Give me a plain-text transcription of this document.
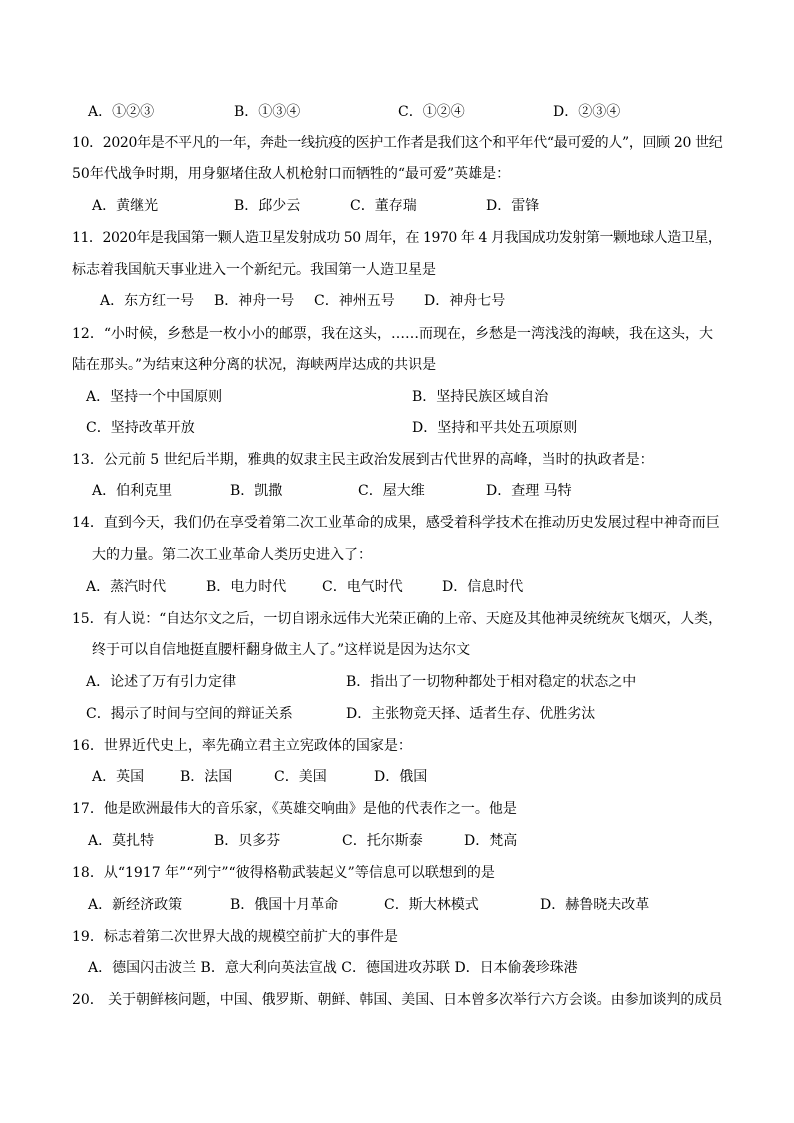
A．①②③	B．①③④	C．①②④	D．②③④
10．2020年是不平凡的一年，奔赴一线抗疫的医护工作者是我们这个和平年代“最可爱的人”，回顾 20 世纪
50年代战争时期，用身躯堵住敌人机枪射口而牺牲的“最可爱”英雄是：
A．黄继光	B．邱少云	C．董存瑞	D．雷锋
11．2020年是我国第一颗人造卫星发射成功 50 周年，在 1970 年 4 月我国成功发射第一颗地球人造卫星，
标志着我国航天事业进入一个新纪元。我国第一人造卫星是
A．东方红一号 B．神舟一号 C．神州五号 D．神舟七号
12．“小时候，乡愁是一枚小小的邮票，我在这头，……而现在，乡愁是一湾浅浅的海峡，我在这头，大
陆在那头。”为结束这种分离的状况，海峡两岸达成的共识是
A．坚持一个中国原则	B．坚持民族区域自治
C．坚持改革开放	D．坚持和平共处五项原则
13．公元前 5 世纪后半期，雅典的奴隶主民主政治发展到古代世界的高峰，当时的执政者是：
A．伯利克里	B．凯撒	C．屋大维	D．查理 马特
14．直到今天，我们仍在享受着第二次工业革命的成果，感受着科学技术在推动历史发展过程中神奇而巨
大的力量。第二次工业革命人类历史进入了：
A．蒸汽时代	B．电力时代	C．电气时代	D．信息时代
15．有人说：“自达尔文之后，一切自诩永远伟大光荣正确的上帝、天庭及其他神灵统统灰飞烟灭，人类，
终于可以自信地挺直腰杆翻身做主人了。”这样说是因为达尔文
A．论述了万有引力定律	B．指出了一切物种都处于相对稳定的状态之中
C．揭示了时间与空间的辩证关系	D．主张物竞天择、适者生存、优胜劣汰
16．世界近代史上，率先确立君主立宪政体的国家是：
A．英国	B．法国	C．美国	D．俄国
17．他是欧洲最伟大的音乐家，《英雄交响曲》是他的代表作之一。他是
A．莫扎特	B．贝多芬	C．托尔斯泰	D．梵高
18．从“1917 年”“列宁”“彼得格勒武装起义”等信息可以联想到的是
A．新经济政策	B．俄国十月革命	C．斯大林模式	D．赫鲁晓夫改革
19．标志着第二次世界大战的规模空前扩大的事件是
A．德国闪击波兰 B．意大利向英法宣战 C．德国进攻苏联 D．日本偷袭珍珠港
20． 关于朝鲜核问题，中国、俄罗斯、朝鲜、韩国、美国、日本曾多次举行六方会谈。由参加谈判的成员
